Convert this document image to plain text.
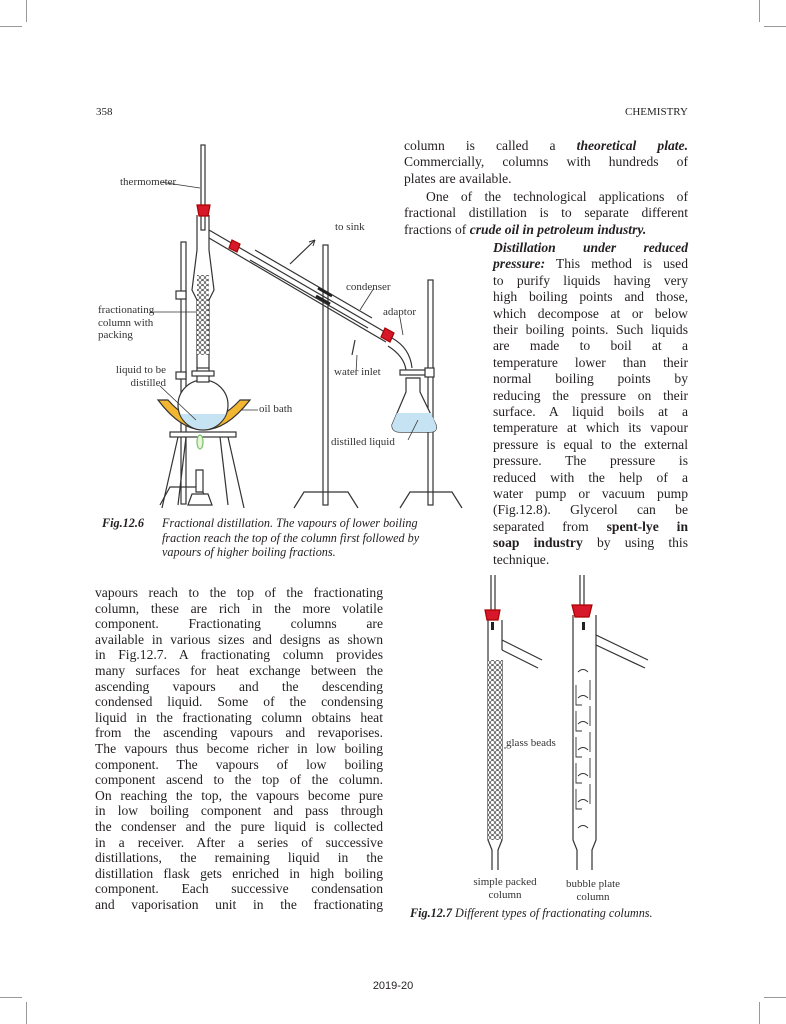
358	CHEMISTRY
2019-20
column is called a theoretical plate.
Commercially, columns with hundreds of
plates are available.
One of the technological applications of
fractional distillation is to separate different
fractions of crude oil in petroleum industry.
Distillation under reduced
pressure: This method is used
to purify liquids having very
high boiling points and those,
which decompose at or below
their boiling points. Such liquids
are made to boil at a
temperature lower than their
normal boiling points by
reducing the pressure on their
surface. A liquid boils at a
temperature at which its vapour
pressure is equal to the external
pressure. The pressure is
reduced with the help of a
water pump or vacuum pump
(Fig.12.8). Glycerol can be
separated from spent-lye in
soap industry by using this
technique.
vapours reach to the top of the fractionating
column, these are rich in the more volatile
component. Fractionating columns are
available in various sizes and designs as shown
in Fig.12.7. A fractionating column provides
many surfaces for heat exchange between the
ascending vapours and the descending
condensed liquid. Some of the condensing
liquid in the fractionating column obtains heat
from the ascending vapours and revaporises.
The vapours thus become richer in low boiling
component. The vapours of low boiling
component ascend to the top of the column.
On reaching the top, the vapours become pure
in low boiling component and pass through
the condenser and the pure liquid is collected
in a receiver. After a series of successive
distillations, the remaining liquid in the
distillation flask gets enriched in high boiling
component. Each successive condensation
and vaporisation unit in the fractionating
thermometer
to sink
condenser
adaptor
fractionating
column with
packing
liquid to be
distilled
oil bath
water inlet
distilled liquid
Fig.12.6 Fractional distillation. The vapours of lower boiling
fraction reach the top of the column first followed by
vapours of higher boiling fractions.
glass beads
simple packed
column
bubble plate
column
Fig.12.7 Different types of fractionating columns.
